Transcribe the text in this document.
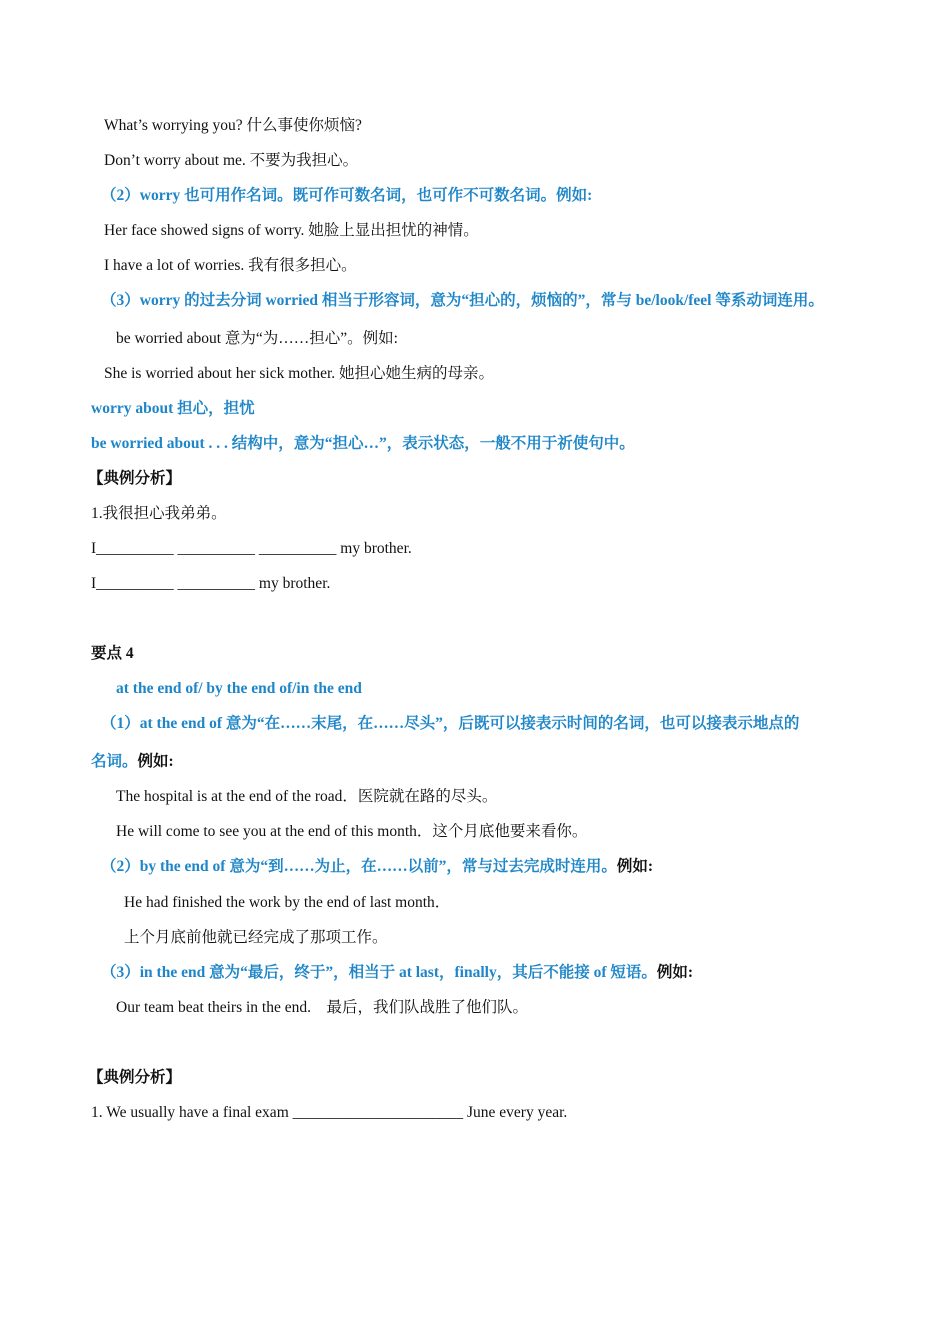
What’s worrying you? 什么事使你烦恼?
Don’t worry about me. 不要为我担心。
（2）worry 也可用作名词。既可作可数名词，也可作不可数名词。例如:
Her face showed signs of worry. 她脸上显出担忧的神情。
I have a lot of worries. 我有很多担心。
（3）worry 的过去分词 worried 相当于形容词，意为“担心的，烦恼的”，常与 be/look/feel 等系动词连用。
be worried about 意为“为……担心”。例如:
She is worried about her sick mother. 她担心她生病的母亲。
worry about 担心，担忧
be worried about . . . 结构中，意为“担心…”，表示状态，一般不用于祈使句中。
【典例分析】
1.我很担心我弟弟。
I__________ __________ __________ my brother.
I__________ __________ my brother.
要点 4
at the end of/ by the end of/in the end
（1）at the end of 意为“在……末尾，在……尽头”，后既可以接表示时间的名词，也可以接表示地点的
名词。例如:
The hospital is at the end of the road．医院就在路的尽头。
He will come to see you at the end of this month．这个月底他要来看你。
（2）by the end of 意为“到……为止，在……以前”，常与过去完成时连用。例如:
He had finished the work by the end of last month．
上个月底前他就已经完成了那项工作。
（3）in the end 意为“最后，终于”，相当于 at last，finally，其后不能接 of 短语。例如:
Our team beat theirs in the end.    最后，我们队战胜了他们队。
【典例分析】
1. We usually have a final exam ______________________ June every year.
